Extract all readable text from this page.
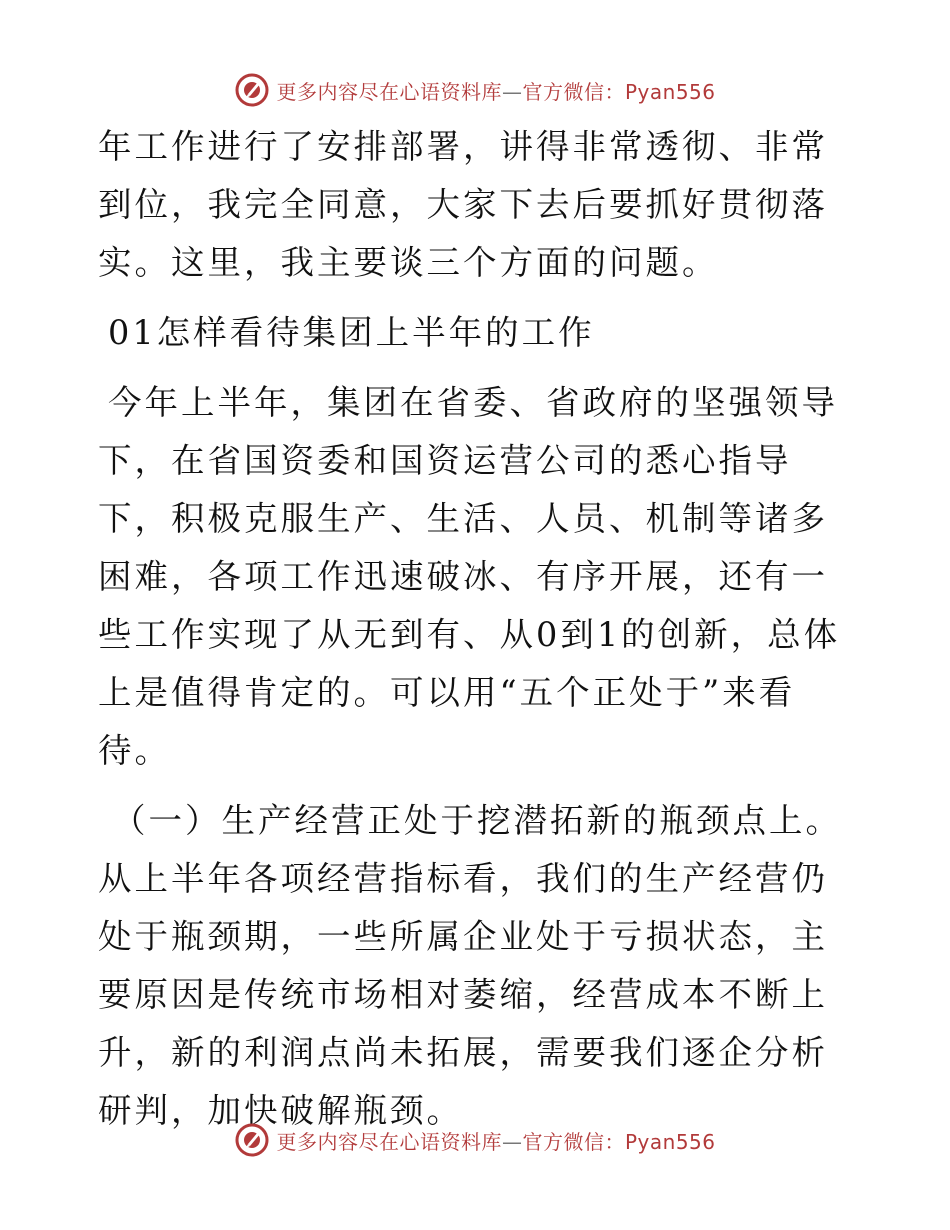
更多内容尽在心语资料库—官方微信：Pyan556

年工作进行了安排部署，讲得非常透彻、非常到位，我完全同意，大家下去后要抓好贯彻落实。这里，我主要谈三个方面的问题。

01怎样看待集团上半年的工作

今年上半年，集团在省委、省政府的坚强领导下，在省国资委和国资运营公司的悉心指导下，积极克服生产、生活、人员、机制等诸多困难，各项工作迅速破冰、有序开展，还有一些工作实现了从无到有、从0到1的创新，总体上是值得肯定的。可以用“五个正处于”来看待。

（一）生产经营正处于挖潜拓新的瓶颈点上。从上半年各项经营指标看，我们的生产经营仍处于瓶颈期，一些所属企业处于亏损状态，主要原因是传统市场相对萎缩，经营成本不断上升，新的利润点尚未拓展，需要我们逐企分析研判，加快破解瓶颈。

更多内容尽在心语资料库—官方微信：Pyan556
